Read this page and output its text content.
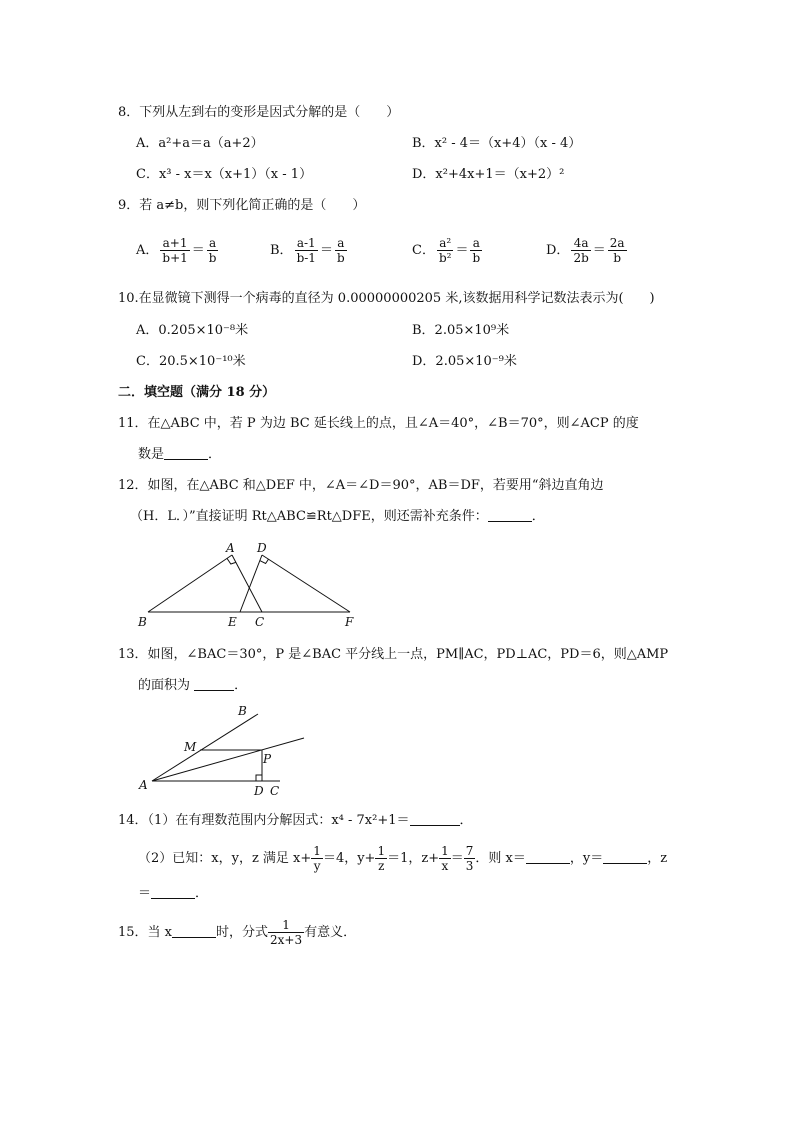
8．下列从左到右的变形是因式分解的是（　　）
A．a²+a＝a（a+2）	B．x² - 4＝（x+4）（x - 4）
C．x³ - x＝x（x+1）（x - 1）	D．x²+4x+1＝（x+2）²
9．若 a≠b，则下列化简正确的是（　　）
A． $\frac{a+1}{b+1} = \frac{a}{b}$	B． $\frac{a-1}{b-1} = \frac{a}{b}$	C． $\frac{\text{a²}}{\text{b²}} = \frac{a}{b}$	D． $\frac{4a}{2b} = \frac{2a}{b}$
10.在显微镜下测得一个病毒的直径为 0.00000000205 米,该数据用科学记数法表示为(　　)
A．0.205×10⁻⁸米	B．2.05×10⁹米
C．20.5×10⁻¹⁰米	D．2.05×10⁻⁹米
二．填空题（满分 18 分）
11．在△ABC 中，若 P 为边 BC 延长线上的点，且∠A＝40°，∠B＝70°，则∠ACP 的度
数是	．
12．如图，在△ABC 和△DEF 中，∠A＝∠D＝90°，AB＝DF，若要用“斜边直角边
（H．L．）”直接证明 Rt△ABC≌Rt△DFE，则还需补充条件：	．
A D
B	E C	F
13．如图，∠BAC＝30°，P 是∠BAC 平分线上一点，PM∥AC，PD⊥AC，PD＝6，则△AMP
的面积为	．
B
M
P
A	D C
14．（1）在有理数范围内分解因式：x⁴ - 7x²+1＝	．
（2）已知：x，y，z 满足 $x+ \frac{1}{y} =4$，$y+ \frac{1}{z} =1$，$z+ \frac{1}{x} = \frac{7}{3}$ ．则 x＝	，y＝	，z
＝	．
15．当 x	时，分式 $\frac{1}{2x+3}$ 有意义．
